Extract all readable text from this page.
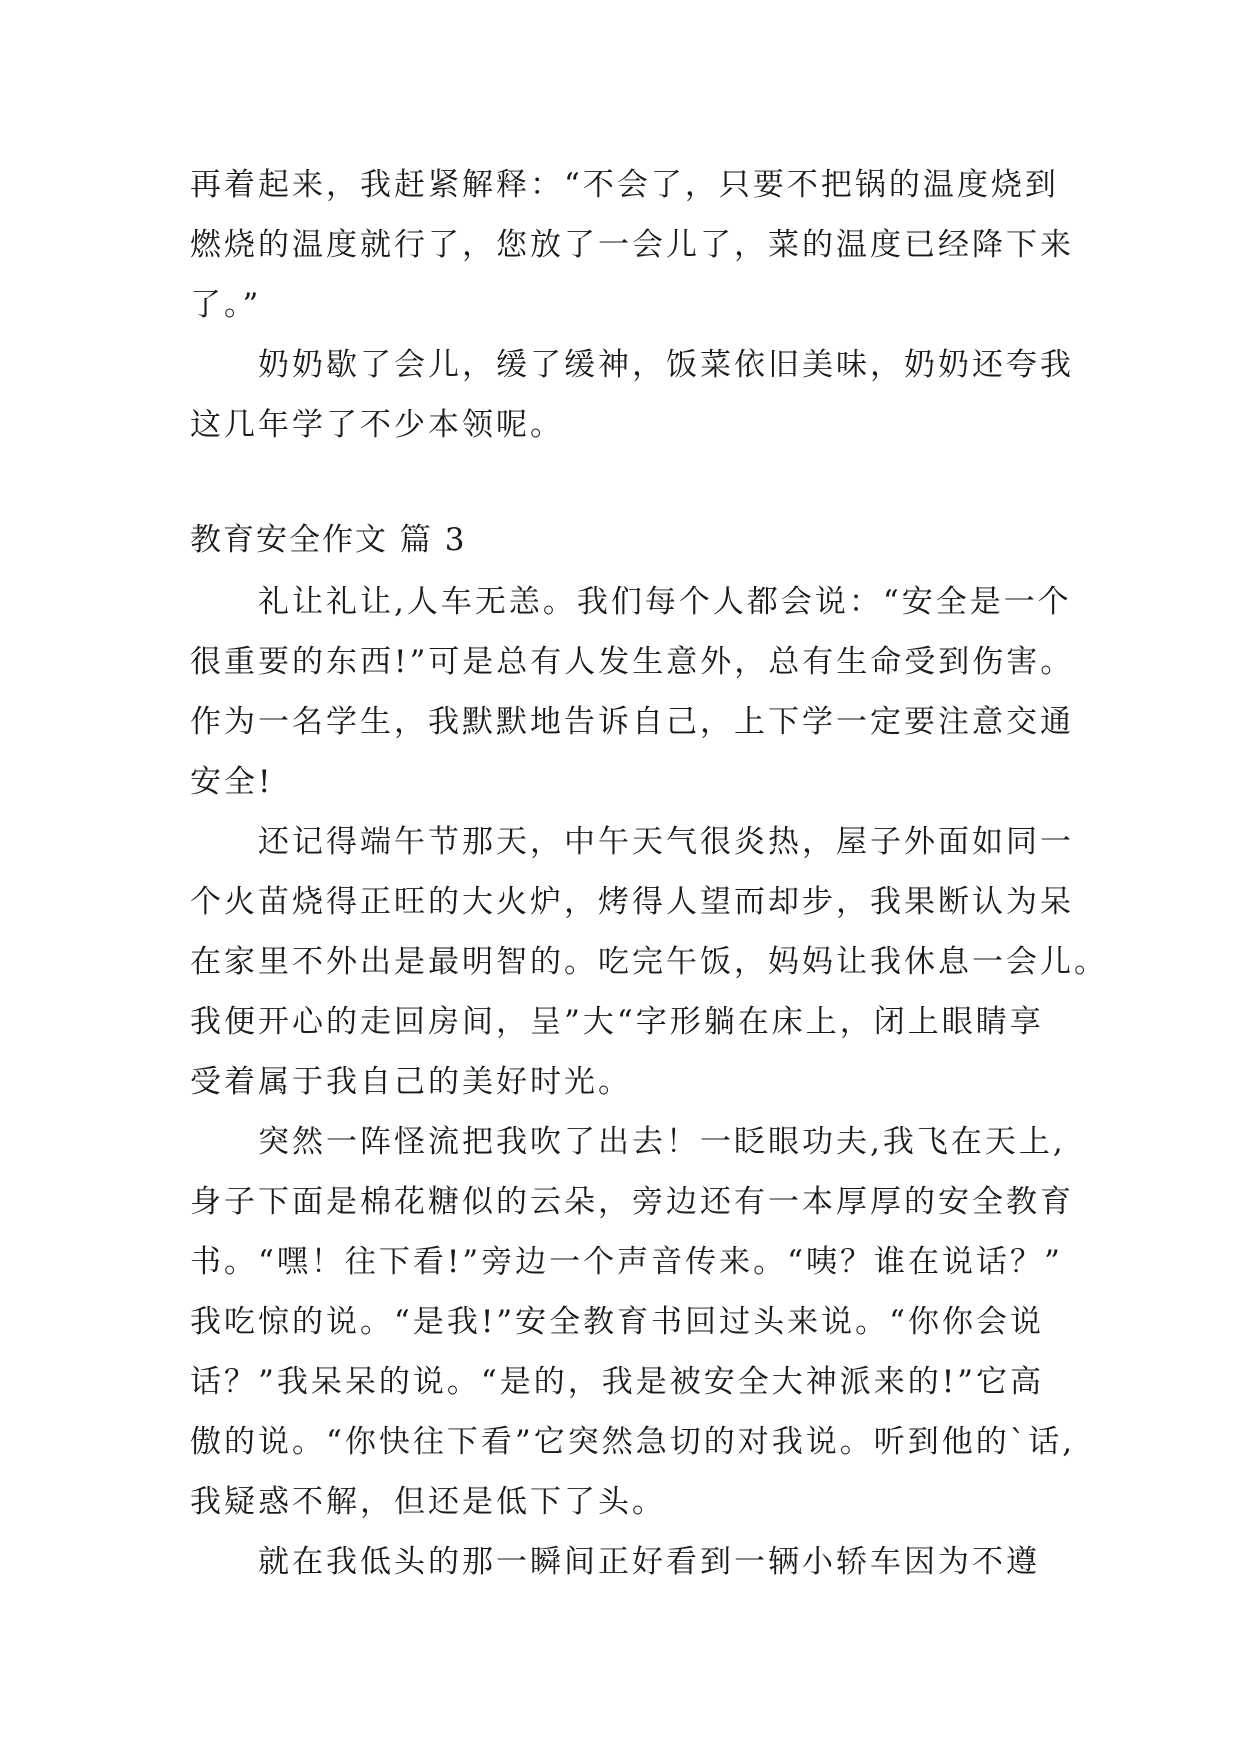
再着起来，我赶紧解释：“不会了，只要不把锅的温度烧到
燃烧的温度就行了，您放了一会儿了，菜的温度已经降下来
了。”
奶奶歇了会儿，缓了缓神，饭菜依旧美味，奶奶还夸我
这几年学了不少本领呢。
教育安全作文 篇 3
礼让礼让,人车无恙。我们每个人都会说：“安全是一个
很重要的东西!”可是总有人发生意外，总有生命受到伤害。
作为一名学生，我默默地告诉自己，上下学一定要注意交通
安全!
还记得端午节那天，中午天气很炎热，屋子外面如同一
个火苗烧得正旺的大火炉，烤得人望而却步，我果断认为呆
在家里不外出是最明智的。吃完午饭，妈妈让我休息一会儿。
我便开心的走回房间，呈”大“字形躺在床上，闭上眼睛享
受着属于我自己的美好时光。
突然一阵怪流把我吹了出去！一眨眼功夫,我飞在天上,
身子下面是棉花糖似的云朵，旁边还有一本厚厚的安全教育
书。“嘿！往下看!”旁边一个声音传来。“咦？谁在说话？”
我吃惊的说。“是我!”安全教育书回过头来说。“你你会说
话？”我呆呆的说。“是的，我是被安全大神派来的!”它高
傲的说。“你快往下看”它突然急切的对我说。听到他的`话,
我疑惑不解，但还是低下了头。
就在我低头的那一瞬间正好看到一辆小轿车因为不遵
